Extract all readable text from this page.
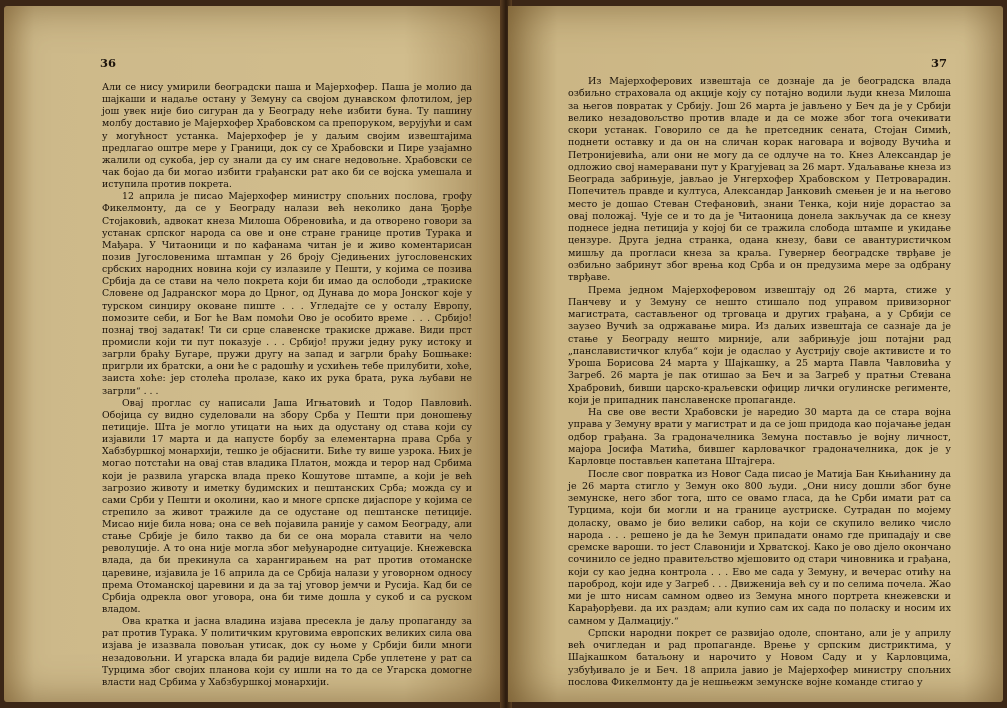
36

Али се нису умирили београдски паша и Мајерхофер. Паша је молио да шајкаши и надаље остану у Земуну са својом дунавском флотилом, јер још увек није био сигуран да у Београду неће избити буна. Ту пашину молбу доставио је Мајерхофер Храбовском са препоруком, верујући и сам у могућност устанка. Мајерхофер је у даљим својим извештајима предлагао оштре мере у Граници, док су се Храбовски и Пире узајамно жалили од сукоба, јер су знали да су им снаге недовољне. Храбовски се чак бојао да би могао избити грађански рат ако би се војска умешала и иступила против покрета.

12 априла је писао Мајерхофер министру спољних послова, грофу Фикелмонту, да се у Београду налази већ неколико дана Ђорђе Стојаковић, адвокат кнеза Милоша Обреновића, и да отворено говори за устанак српског народа са ове и оне стране границе против Турака и Мађара. У Читаоници и по кафанама читан је и живо коментарисан позив Југословенима штампан у 26 броју Сједињених југословенских србских народних новина који су излазиле у Пешти, у којима се позива Србија да се стави на чело покрета који би имао да ослободи „тракиске Словене од Јадранског мора до Црног, од Дунава до мора Јонског које у турском синџиру оковане пиште . . . Угледајте се у осталу Европу, помозите себи, и Бог ће Вам помоћи Ово је особито време . . . Србијо! познај твој задатак! Ти си срце славенске тракиске државе. Види прст промисли који ти пут показује . . . Србијо! пружи једну руку истоку и загрли браћу Бугаре, пружи другу на запад и загрли браћу Бошњаке: пригрли их братски, а они ће с радошћу и усхићењ тебе прилубити, хоће, заиста хоће: јер столећа пролазе, како их рука брата, рука љубави не загрли“ . . .

Овај проглас су написали Јаша Игњатовић и Тодор Павловић. Обојица су видно суделовали на збору Срба у Пешти при доношењу петиције. Шта је могло утицати на њих да одустану од става који су изјавили 17 марта и да напусте борбу за елементарна права Срба у Хабзбуршкој монархији, тешко је објаснити. Биће ту више узрока. Њих је могао потстаћи на овај став владика Платон, можда и терор над Србима који је развила угарска влада преко Кошутове штампе, а који је већ загрозио животу и иметку будимских и пештанских Срба; можда су и сами Срби у Пешти и околини, као и многе српске дијаспоре у којима се стрепило за живот тражиле да се одустане од пештанске петиције. Мисао није била нова; она се већ појавила раније у самом Београду, али стање Србије је било такво да би се она морала ставити на чело револуције. А то она није могла због међународне ситуације. Кнежевска влада, да би прекинула са харангирањем на рат против отоманске царевине, изјавила је 16 априла да се Србија налази у уговорном односу према Отоманској царевини и да за тај уговор јемчи и Русија. Кад би се Србија одрекла овог уговора, она би тиме дошла у сукоб и са руском владом.

Ова кратка и јасна владина изјава пресекла је даљу пропаганду за рат против Турака. У политичким круговима европских великих сила ова изјава је изазвала повољан утисак, док су њоме у Србији били многи незадовољни. И угарска влада би радије видела Србе уплетене у рат са Турцима због својих планова који су ишли на то да се Угарска домогне власти над Србима у Хабзбуршкој монархији.

37

Из Мајерхоферових извештаја се дознаје да је београдска влада озбиљно страховала од акције коју су потајно водили људи кнеза Милоша за његов повратак у Србију. Још 26 марта је јављено у Беч да је у Србији велико незадовољство против владе и да се може због тога очекивати скори устанак. Говорило се да ће претседник сената, Стојан Симић, поднети оставку и да он на сличан корак наговара и војводу Вучића и Петронијевића, али они не могу да се одлуче на то. Кнез Александар је одложио свој намеравани пут у Крагујевац за 26 март. Удаљавање кнеза из Београда забрињује, јављао је Унгерхофер Храбовском у Петроварадин. Попечитељ правде и култуса, Александар Јанковић смењен је и на његово место је дошао Стеван Стефановић, знани Тенка, који није дорастао за овај положај. Чује се и то да је Читаоница донела закључак да се кнезу поднесе једна петиција у којој би се тражила слобода штампе и укидање цензуре. Друга једна странка, одана кнезу, бави се авантуристичком мишљу да прогласи кнеза за краља. Гувернер београдске тврђаве је озбиљно забринут због врења код Срба и он предузима мере за одбрану тврђаве.

Према једном Мајерхоферовом извештају од 26 марта, стиже у Панчеву и у Земуну се нешто стишало под управом привизорног магистрата, састављеног од трговаца и других грађана, а у Србији се заузео Вучић за одржавање мира. Из даљих извештаја се сазнаје да је стање у Београду нешто мирније, али забрињује још потајни рад „панславистичког клуба“ који је одаслао у Аустрију своје активисте и то Уроша Борисова 24 марта у Шајкашку, а 25 марта Павла Чавловића у Загреб. 26 марта је пак отишао за Беч и за Загреб у пратњи Стевана Храбровић, бивши царско-краљевски официр лички огулинске регименте, који је припадник панславенске пропаганде.

На све ове вести Храбовски је наредио 30 марта да се стара војна управа у Земуну врати у магистрат и да се још придода као појачање један одбор грађана. За градоначелника Земуна постављо је војну личност, мајора Јосифа Матића, бившег карловачког градоначелника, док је у Карловце постављен капетана Штајгера.

После свог повратка из Новог Сада писао је Матија Бан Књићанину да је 26 марта стигло у Земун око 800 људи. „Они нису дошли због буне земунске, него због тога, што се овамо гласа, да ће Срби имати рат са Турцима, који би могли и на границе аустриске. Сутрадан по мојему доласку, овамо је био велики сабор, на који се скупило велико число народа . . . решено је да ће Земун припадати онамо где припадају и све сремске вароши. то јест Славонији и Хрватској. Како је ово дјело окончано сочинило се једно правитељство мјешовито од стари чиновника и грађана, који су као једна контрола . . . Ево ме сада у Земуну, и вечерас отићу на пароброд, који иде у Загреб . . . Движенија већ су и по селима почела. Жао ми је што нисам самном одвео из Земуна много портрета кнежевски и Карађорђеви. да их раздам; али купио сам их сада по поласку и носим их самном у Далмацију.“

Српски народни покрет се развијао одоле, спонтано, али је у априлу већ очигледан и рад пропаганде. Врење у српским дистриктима, у Шајкашком батаљону и нарочито у Новом Саду и у Карловцима, узбуђивало је и Беч. 18 априла јавио је Мајерхофер министру спољних послова Фикелмонту да је нешњежм земунске војне команде стигао у
